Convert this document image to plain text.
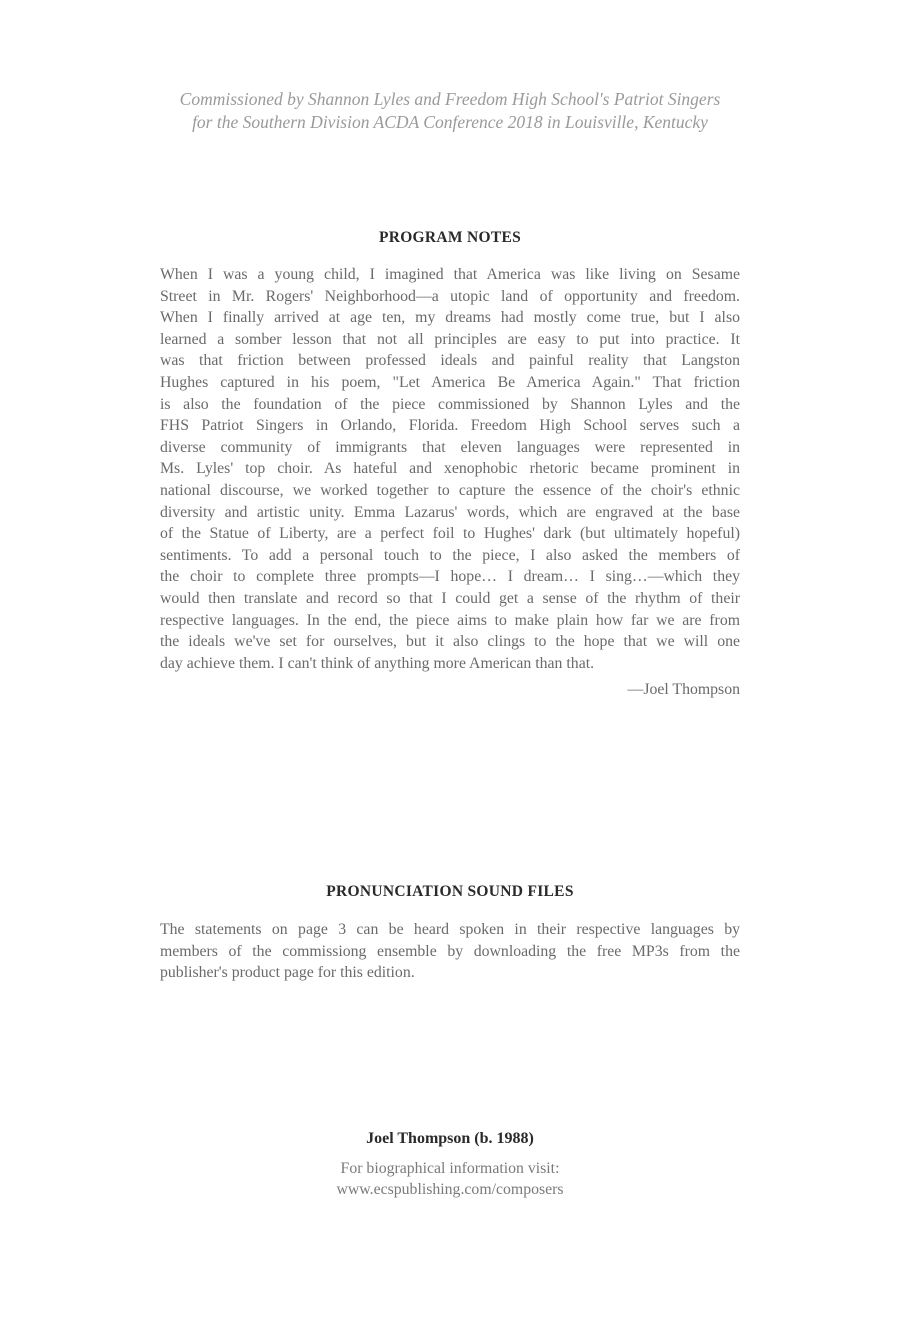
Commissioned by Shannon Lyles and Freedom High School's Patriot Singers
for the Southern Division ACDA Conference 2018 in Louisville, Kentucky
PROGRAM NOTES
When I was a young child, I imagined that America was like living on Sesame
Street in Mr. Rogers' Neighborhood—a utopic land of opportunity and freedom.
When I finally arrived at age ten, my dreams had mostly come true, but I also
learned a somber lesson that not all principles are easy to put into practice. It
was that friction between professed ideals and painful reality that Langston
Hughes captured in his poem, "Let America Be America Again." That friction
is also the foundation of the piece commissioned by Shannon Lyles and the
FHS Patriot Singers in Orlando, Florida. Freedom High School serves such a
diverse community of immigrants that eleven languages were represented in
Ms. Lyles' top choir. As hateful and xenophobic rhetoric became prominent in
national discourse, we worked together to capture the essence of the choir's ethnic
diversity and artistic unity. Emma Lazarus' words, which are engraved at the base
of the Statue of Liberty, are a perfect foil to Hughes' dark (but ultimately hopeful)
sentiments. To add a personal touch to the piece, I also asked the members of
the choir to complete three prompts—I hope… I dream… I sing…—which they
would then translate and record so that I could get a sense of the rhythm of their
respective languages. In the end, the piece aims to make plain how far we are from
the ideals we've set for ourselves, but it also clings to the hope that we will one
day achieve them. I can't think of anything more American than that.
—Joel Thompson
PRONUNCIATION SOUND FILES
The statements on page 3 can be heard spoken in their respective languages by
members of the commissiong ensemble by downloading the free MP3s from the
publisher's product page for this edition.
Joel Thompson (b. 1988)
For biographical information visit:
www.ecspublishing.com/composers
